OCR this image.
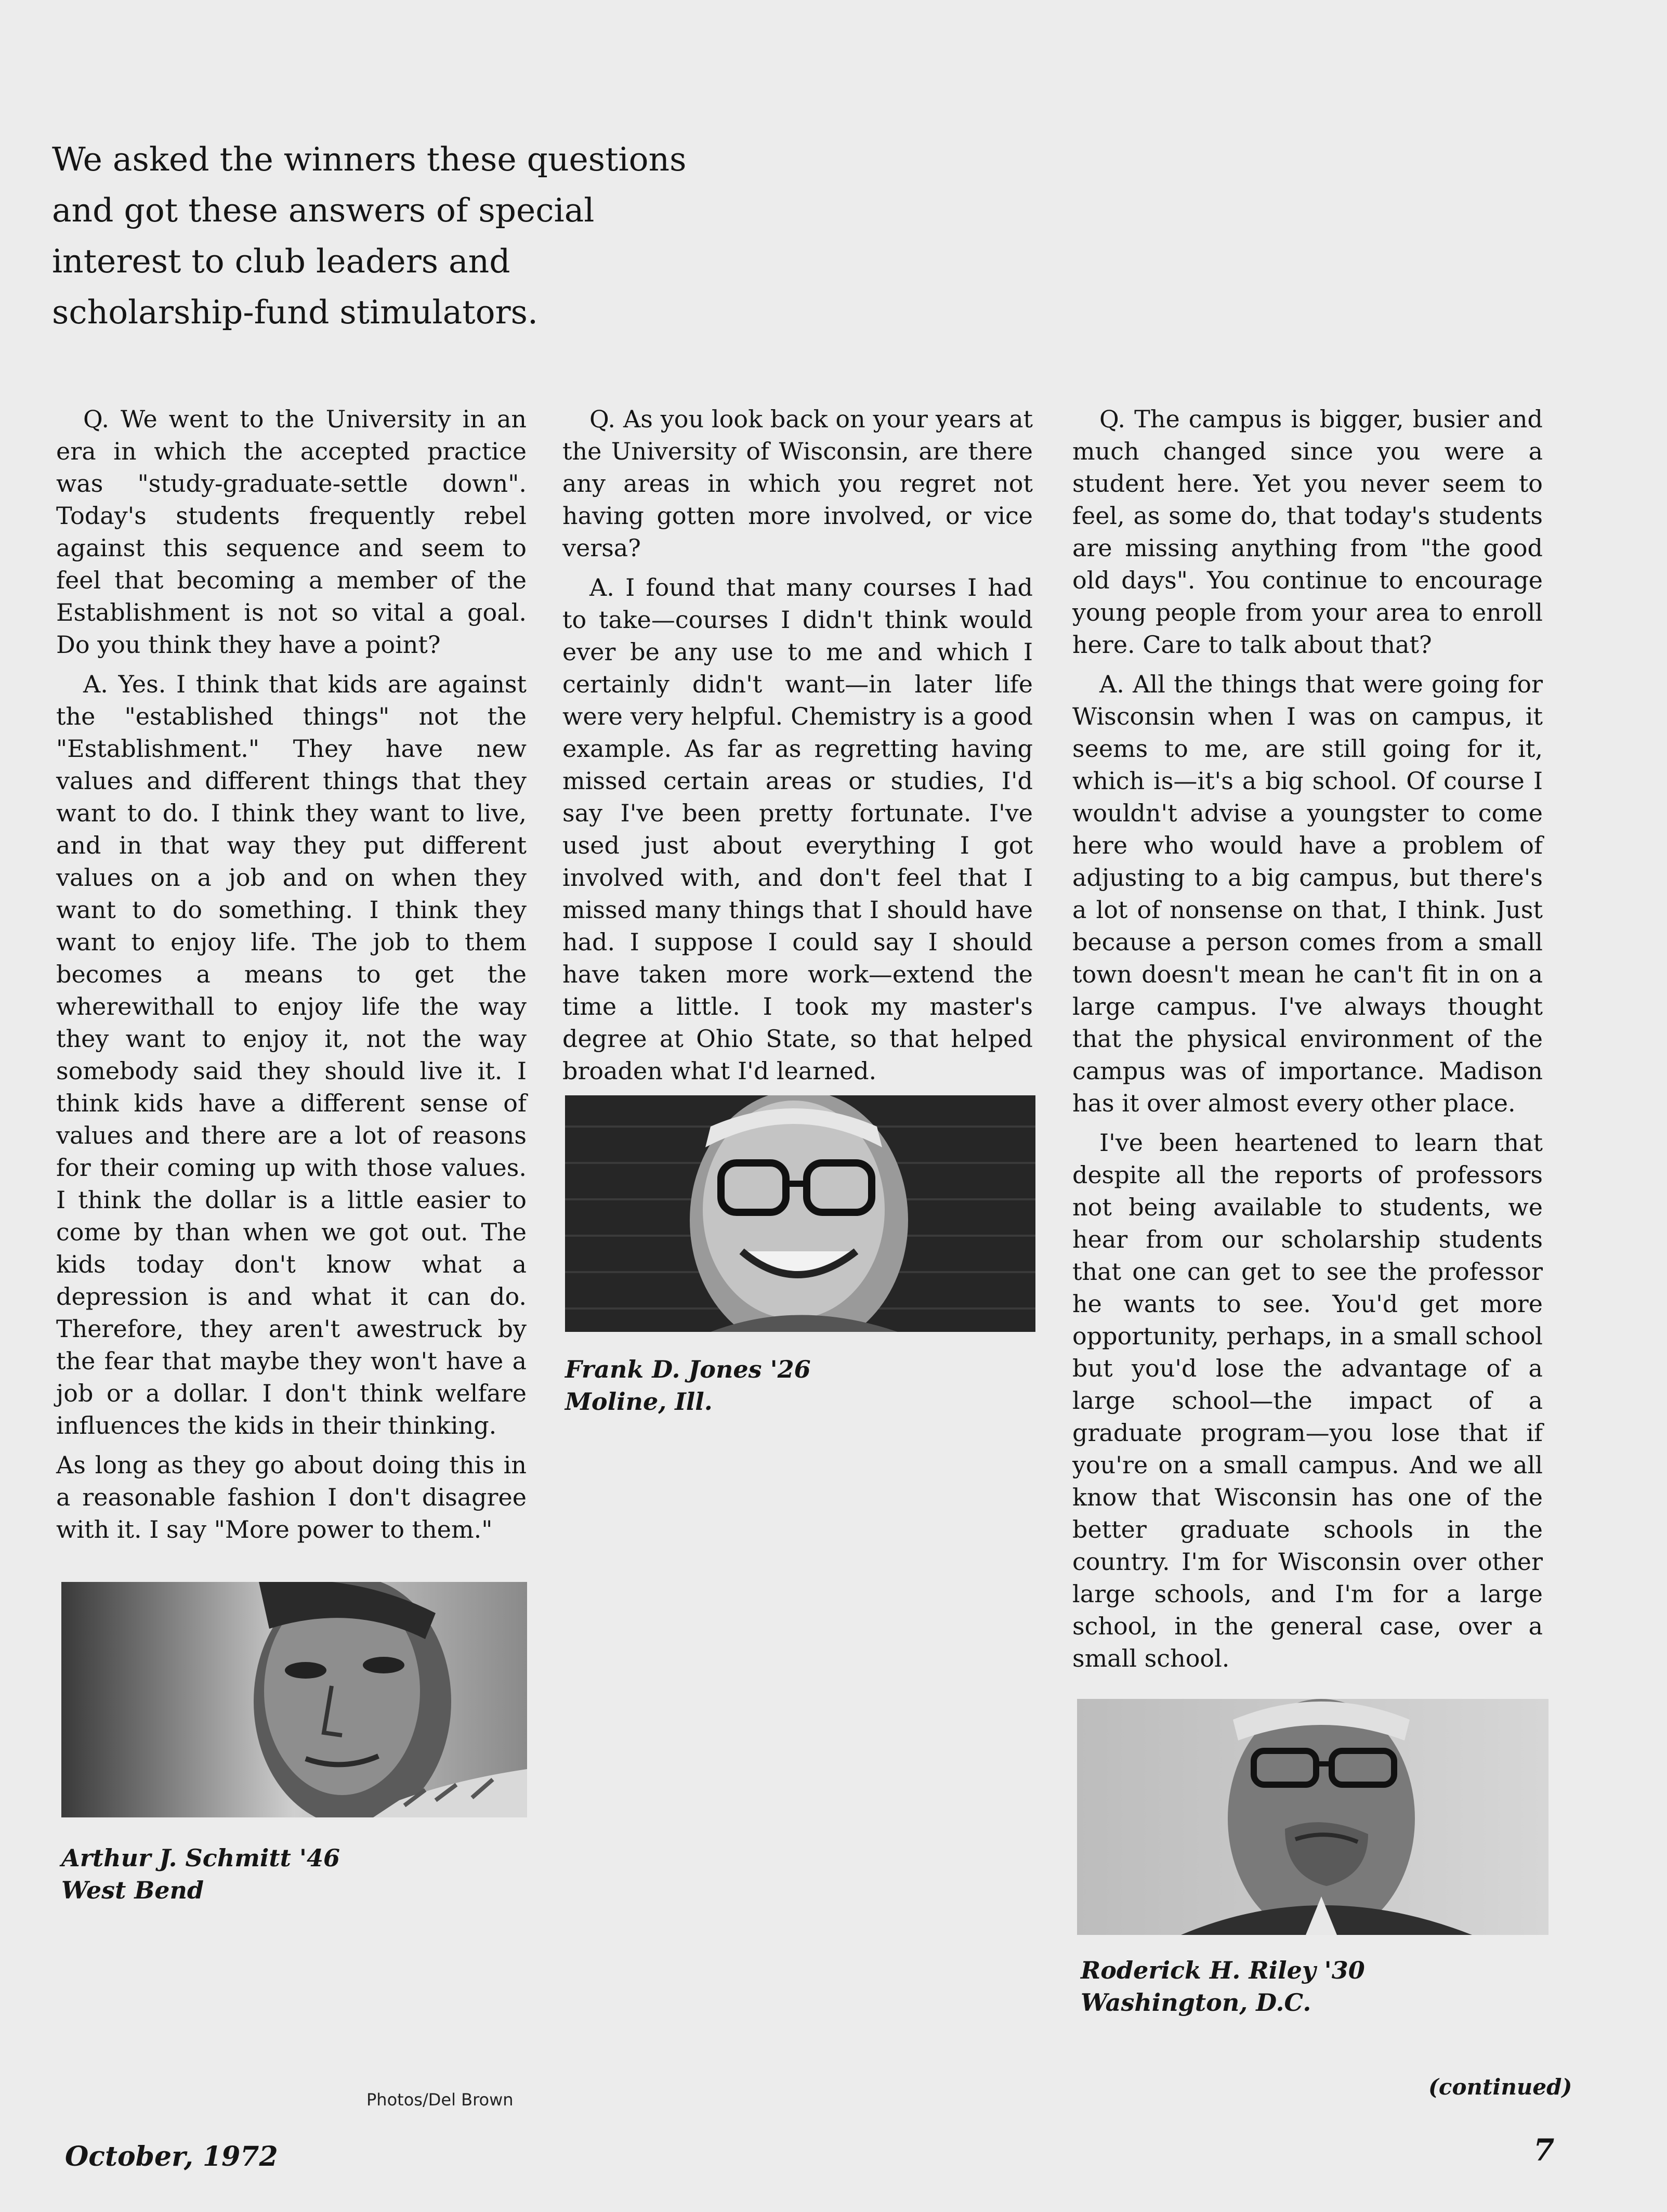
We asked the winners these questions
and got these answers of special
interest to club leaders and
scholarship-fund stimulators.

Q. We went to the University in an era in which the accepted practice was "study-graduate-settle down". Today's students frequently rebel against this sequence and seem to feel that becoming a member of the Establishment is not so vital a goal. Do you think they have a point?

A. Yes. I think that kids are against the "established things" not the "Establishment." They have new values and different things that they want to do. I think they want to live, and in that way they put different values on a job and on when they want to do something. I think they want to enjoy life. The job to them becomes a means to get the wherewithall to enjoy life the way they want to enjoy it, not the way somebody said they should live it. I think kids have a different sense of values and there are a lot of reasons for their coming up with those values. I think the dollar is a little easier to come by than when we got out. The kids today don't know what a depression is and what it can do. Therefore, they aren't awestruck by the fear that maybe they won't have a job or a dollar. I don't think welfare influences the kids in their thinking.

As long as they go about doing this in a reasonable fashion I don't disagree with it. I say "More power to them."

Q. As you look back on your years at the University of Wisconsin, are there any areas in which you regret not having gotten more involved, or vice versa?

A. I found that many courses I had to take—courses I didn't think would ever be any use to me and which I certainly didn't want—in later life were very helpful. Chemistry is a good example. As far as regretting having missed certain areas or studies, I'd say I've been pretty fortunate. I've used just about everything I got involved with, and don't feel that I missed many things that I should have had. I suppose I could say I should have taken more work—extend the time a little. I took my master's degree at Ohio State, so that helped broaden what I'd learned.

Q. The campus is bigger, busier and much changed since you were a student here. Yet you never seem to feel, as some do, that today's students are missing anything from "the good old days". You continue to encourage young people from your area to enroll here. Care to talk about that?

A. All the things that were going for Wisconsin when I was on campus, it seems to me, are still going for it, which is—it's a big school. Of course I wouldn't advise a youngster to come here who would have a problem of adjusting to a big campus, but there's a lot of nonsense on that, I think. Just because a person comes from a small town doesn't mean he can't fit in on a large campus. I've always thought that the physical environment of the campus was of importance. Madison has it over almost every other place.

I've been heartened to learn that despite all the reports of professors not being available to students, we hear from our scholarship students that one can get to see the professor he wants to see. You'd get more opportunity, perhaps, in a small school but you'd lose the advantage of a large school—the impact of a graduate program—you lose that if you're on a small campus. And we all know that Wisconsin has one of the better graduate schools in the country. I'm for Wisconsin over other large schools, and I'm for a large school, in the general case, over a small school.

Arthur J. Schmitt '46
West Bend
Frank D. Jones '26
Moline, Ill.
Roderick H. Riley '30
Washington, D.C.
Photos/Del Brown	(continued)
October, 1972	7
